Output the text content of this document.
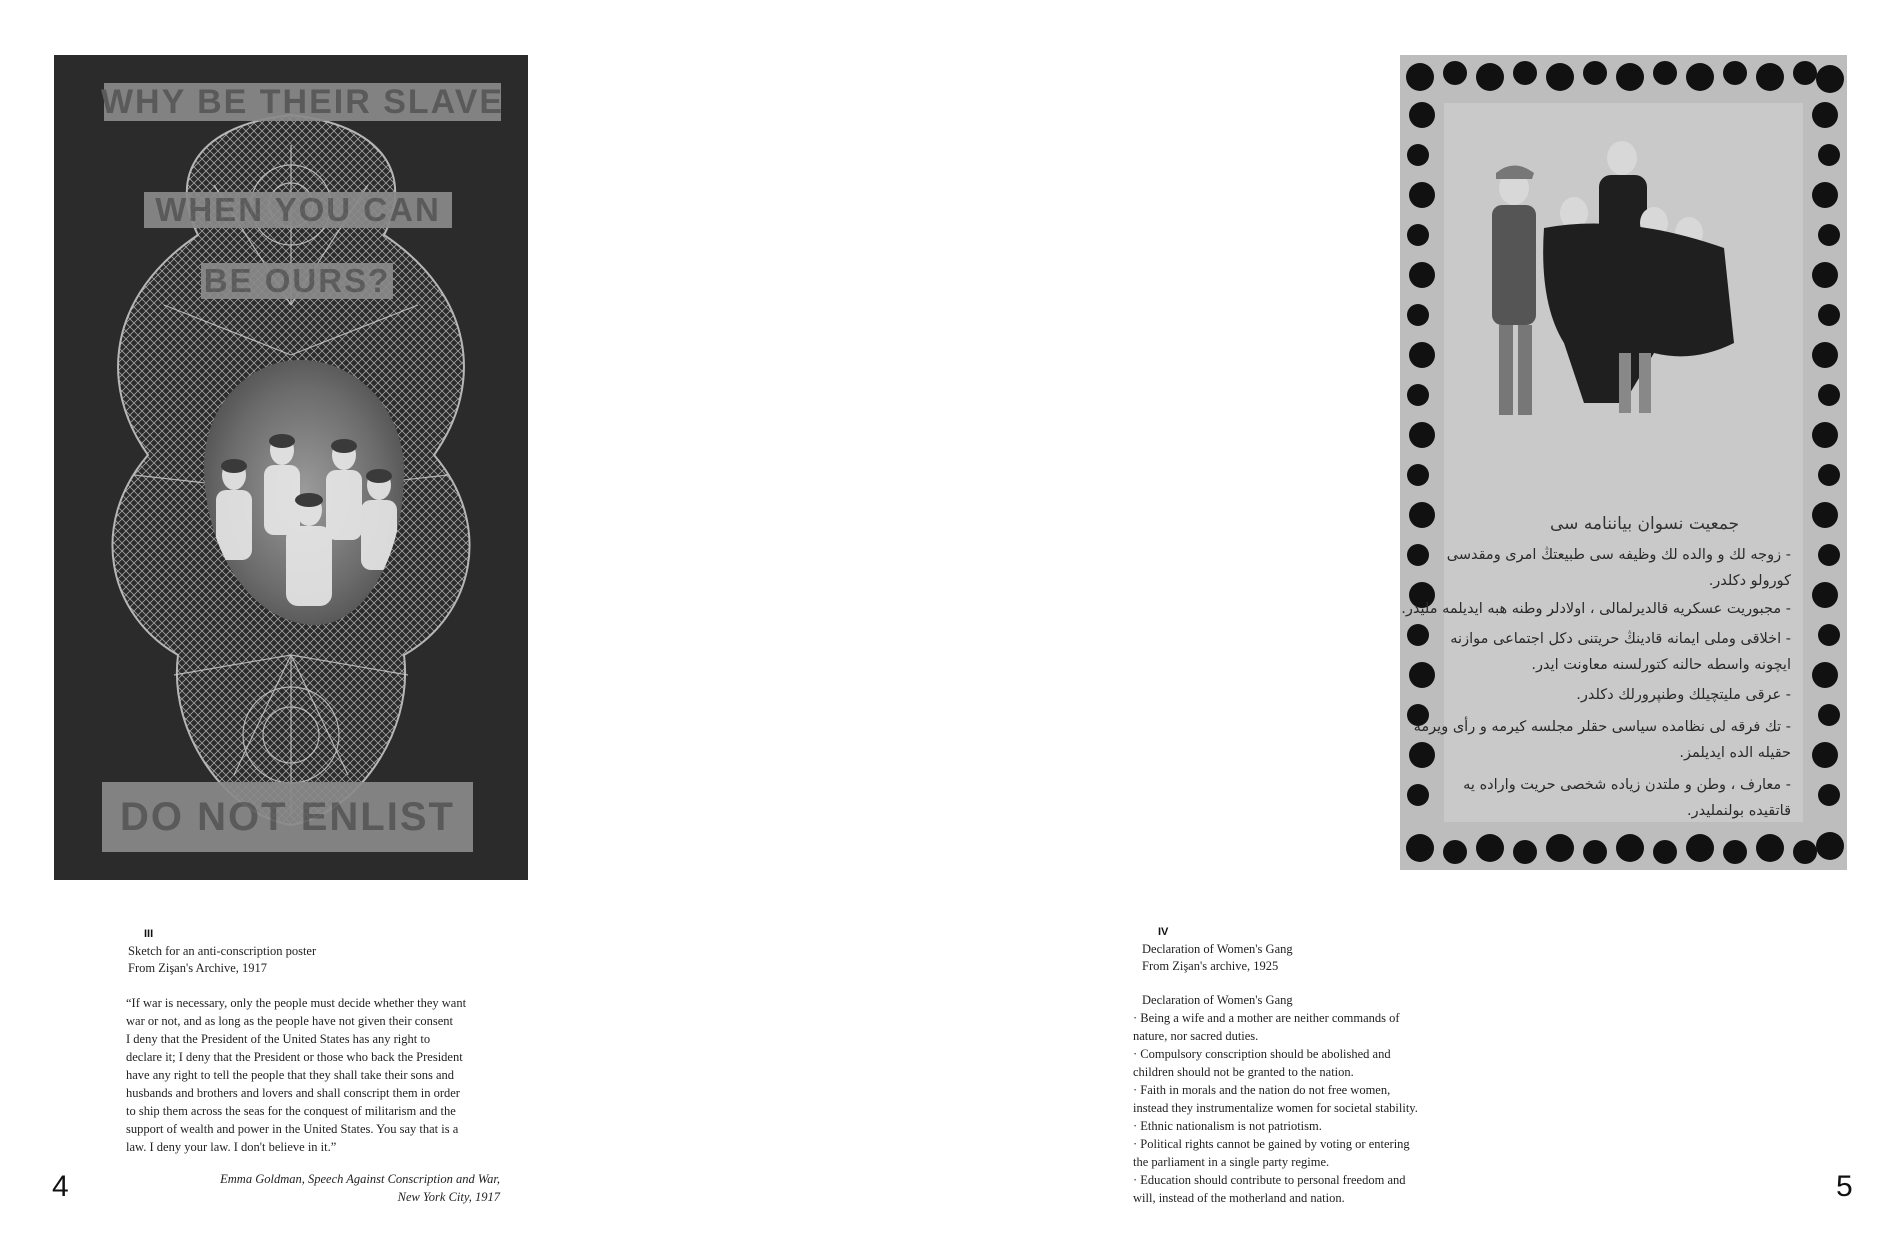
WHY BE THEIR SLAVE
WHEN YOU CAN
BE OURS?
DO NOT ENLIST
III
Sketch for an anti-conscription poster
From Zişan's Archive, 1917
“If war is necessary, only the people must decide whether they want
war or not, and as long as the people have not given their consent
I deny that the President of the United States has any right to
declare it; I deny that the President or those who back the President
have any right to tell the people that they shall take their sons and
husbands and brothers and lovers and shall conscript them in order
to ship them across the seas for the conquest of militarism and the
support of wealth and power in the United States. You say that is a
law. I deny your law. I don't believe in it.”
Emma Goldman, Speech Against Conscription and War,
New York City, 1917
4
جمعیت نسوان بیاننامه سی
- زوجه لك و والده لك وظیفه سی طبیعتڭ امری ومقدسی
کورولو دکلدر.
- مجبوریت عسکریه قالدیرلمالی ، اولادلر وطنه هبه ایدیلمه ملیدر.
- اخلاقی وملی ایمانه قادینڭ حریتنی دکل اجتماعی موازنه
ایچونه واسطه حالنه کتورلسنه معاونت ایدر.
- عرقی ملیتچیلك وطنپرورلك دکلدر.
- تك فرقه لی نظامده سیاسی حقلر مجلسه کیرمه و رأی ویرمه
حقیله الده ایدیلمز.
- معارف ، وطن و ملتدن زیاده شخصی حریت واراده یه
قاتقیده بولنملیدر.
IV
Declaration of Women's Gang
From Zişan's archive, 1925
Declaration of Women's Gang
· Being a wife and a mother are neither commands of
nature, nor sacred duties.
· Compulsory conscription should be abolished and
children should not be granted to the nation.
· Faith in morals and the nation do not free women,
instead they instrumentalize women for societal stability.
· Ethnic nationalism is not patriotism.
· Political rights cannot be gained by voting or entering
the parliament in a single party regime.
· Education should contribute to personal freedom and
will, instead of the motherland and nation.	5
